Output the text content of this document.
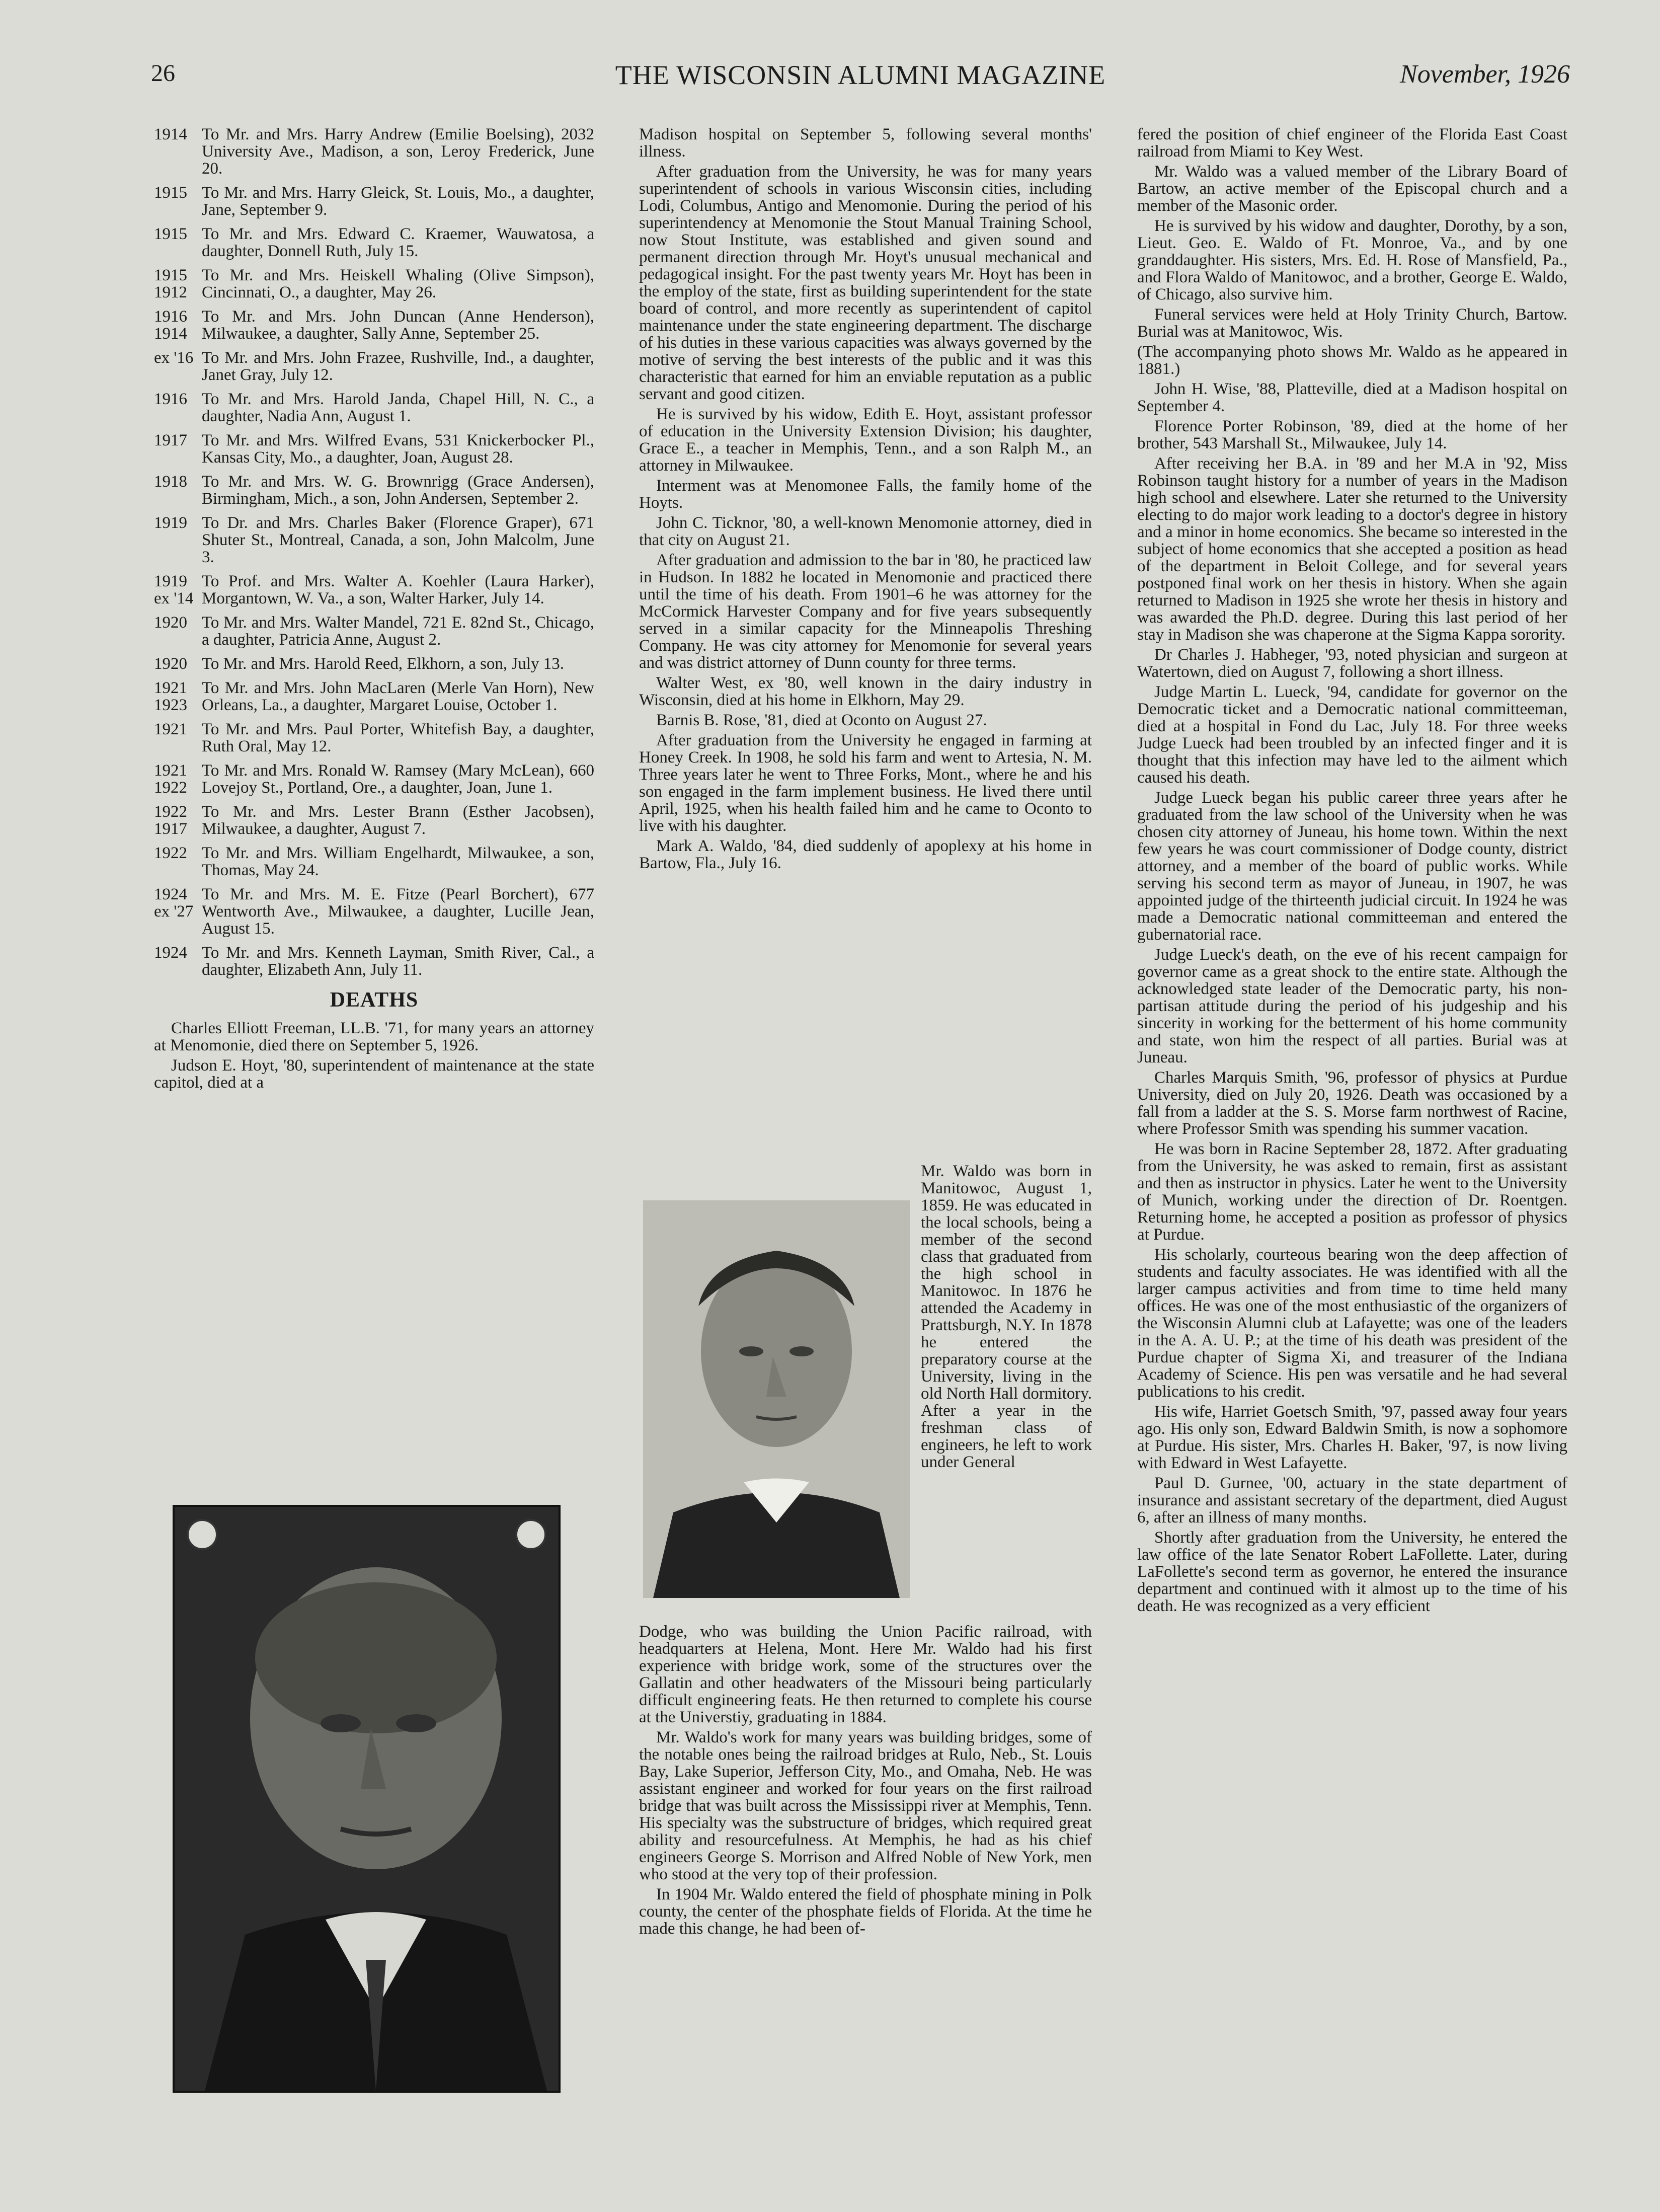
26	THE WISCONSIN ALUMNI MAGAZINE	November, 1926
1914 To Mr. and Mrs. Harry Andrew (Emilie Boelsing), 2032 University Ave., Madison, a son, Leroy Frederick, June 20.
1915 To Mr. and Mrs. Harry Gleick, St. Louis, Mo., a daughter, Jane, September 9.
1915 To Mr. and Mrs. Edward C. Kraemer, Wauwatosa, a daughter, Donnell Ruth, July 15.
1915
1912
To Mr. and Mrs. Heiskell Whaling (Olive Simpson), Cincinnati, O., a daughter, May 26.
1916
1914
To Mr. and Mrs. John Duncan (Anne Henderson), Milwaukee, a daughter, Sally Anne, September 25.
ex '16 To Mr. and Mrs. John Frazee, Rushville, Ind., a daughter, Janet Gray, July 12.
1916 To Mr. and Mrs. Harold Janda, Chapel Hill, N. C., a daughter, Nadia Ann, August 1.
1917 To Mr. and Mrs. Wilfred Evans, 531 Knickerbocker Pl., Kansas City, Mo., a daughter, Joan, August 28.
1918 To Mr. and Mrs. W. G. Brownrigg (Grace Andersen), Birmingham, Mich., a son, John Andersen, September 2.
1919 To Dr. and Mrs. Charles Baker (Florence Graper), 671 Shuter St., Montreal, Canada, a son, John Malcolm, June 3.
1919
ex '14
To Prof. and Mrs. Walter A. Koehler (Laura Harker), Morgantown, W. Va., a son, Walter Harker, July 14.
1920 To Mr. and Mrs. Walter Mandel, 721 E. 82nd St., Chicago, a daughter, Patricia Anne, August 2.
1920 To Mr. and Mrs. Harold Reed, Elkhorn, a son, July 13.
1921
1923
To Mr. and Mrs. John MacLaren (Merle Van Horn), New Orleans, La., a daughter, Margaret Louise, October 1.
1921 To Mr. and Mrs. Paul Porter, Whitefish Bay, a daughter, Ruth Oral, May 12.
1921
1922
To Mr. and Mrs. Ronald W. Ramsey (Mary McLean), 660 Lovejoy St., Portland, Ore., a daughter, Joan, June 1.
1922
1917
To Mr. and Mrs. Lester Brann (Esther Jacobsen), Milwaukee, a daughter, August 7.
1922 To Mr. and Mrs. William Engelhardt, Milwaukee, a son, Thomas, May 24.
1924
ex '27
To Mr. and Mrs. M. E. Fitze (Pearl Borchert), 677 Wentworth Ave., Milwaukee, a daughter, Lucille Jean, August 15.
1924 To Mr. and Mrs. Kenneth Layman, Smith River, Cal., a daughter, Elizabeth Ann, July 11.
DEATHS

Charles Elliott Freeman, LL.B. '71, for many years an attorney at Menomonie, died there on September 5, 1926.

Judson E. Hoyt, '80, superintendent of maintenance at the state capitol, died at a

Madison hospital on September 5, following several months' illness.

After graduation from the University, he was for many years superintendent of schools in various Wisconsin cities, including Lodi, Columbus, Antigo and Menomonie. During the period of his superintendency at Menomonie the Stout Manual Training School, now Stout Institute, was established and given sound and permanent direction through Mr. Hoyt's unusual mechanical and pedagogical insight. For the past twenty years Mr. Hoyt has been in the employ of the state, first as building superintendent for the state board of control, and more recently as superintendent of capitol maintenance under the state engineering department. The discharge of his duties in these various capacities was always governed by the motive of serving the best interests of the public and it was this characteristic that earned for him an enviable reputation as a public servant and good citizen.

He is survived by his widow, Edith E. Hoyt, assistant professor of education in the University Extension Division; his daughter, Grace E., a teacher in Memphis, Tenn., and a son Ralph M., an attorney in Milwaukee.

Interment was at Menomonee Falls, the family home of the Hoyts.

John C. Ticknor, '80, a well-known Menomonie attorney, died in that city on August 21.

After graduation and admission to the bar in '80, he practiced law in Hudson. In 1882 he located in Menomonie and practiced there until the time of his death. From 1901–6 he was attorney for the McCormick Harvester Company and for five years subsequently served in a similar capacity for the Minneapolis Threshing Company. He was city attorney for Menomonie for several years and was district attorney of Dunn county for three terms.

Walter West, ex '80, well known in the dairy industry in Wisconsin, died at his home in Elkhorn, May 29.

Barnis B. Rose, '81, died at Oconto on August 27.

After graduation from the University he engaged in farming at Honey Creek. In 1908, he sold his farm and went to Artesia, N. M. Three years later he went to Three Forks, Mont., where he and his son engaged in the farm implement business. He lived there until April, 1925, when his health failed him and he came to Oconto to live with his daughter.

Mark A. Waldo, '84, died suddenly of apoplexy at his home in Bartow, Fla., July 16.

Mr. Waldo was born in Manitowoc, August 1, 1859. He was educated in the local schools, being a member of the second class that graduated from the high school in Manitowoc. In 1876 he attended the Academy in Prattsburgh, N.Y. In 1878 he entered the preparatory course at the University, living in the old North Hall dormitory. After a year in the freshman class of engineers, he left to work under General

Dodge, who was building the Union Pacific railroad, with headquarters at Helena, Mont. Here Mr. Waldo had his first experience with bridge work, some of the structures over the Gallatin and other headwaters of the Missouri being particularly difficult engineering feats. He then returned to complete his course at the Universtiy, graduating in 1884.

Mr. Waldo's work for many years was building bridges, some of the notable ones being the railroad bridges at Rulo, Neb., St. Louis Bay, Lake Superior, Jefferson City, Mo., and Omaha, Neb. He was assistant engineer and worked for four years on the first railroad bridge that was built across the Mississippi river at Memphis, Tenn. His specialty was the substructure of bridges, which required great ability and resourcefulness. At Memphis, he had as his chief engineers George S. Morrison and Alfred Noble of New York, men who stood at the very top of their profession.

In 1904 Mr. Waldo entered the field of phosphate mining in Polk county, the center of the phosphate fields of Florida. At the time he made this change, he had been of-

fered the position of chief engineer of the Florida East Coast railroad from Miami to Key West.

Mr. Waldo was a valued member of the Library Board of Bartow, an active member of the Episcopal church and a member of the Masonic order.

He is survived by his widow and daughter, Dorothy, by a son, Lieut. Geo. E. Waldo of Ft. Monroe, Va., and by one granddaughter. His sisters, Mrs. Ed. H. Rose of Mansfield, Pa., and Flora Waldo of Manitowoc, and a brother, George E. Waldo, of Chicago, also survive him.

Funeral services were held at Holy Trinity Church, Bartow. Burial was at Manitowoc, Wis.

(The accompanying photo shows Mr. Waldo as he appeared in 1881.)

John H. Wise, '88, Platteville, died at a Madison hospital on September 4.

Florence Porter Robinson, '89, died at the home of her brother, 543 Marshall St., Milwaukee, July 14.

After receiving her B.A. in '89 and her M.A in '92, Miss Robinson taught history for a number of years in the Madison high school and elsewhere. Later she returned to the University electing to do major work leading to a doctor's degree in history and a minor in home economics. She became so interested in the subject of home economics that she accepted a position as head of the department in Beloit College, and for several years postponed final work on her thesis in history. When she again returned to Madison in 1925 she wrote her thesis in history and was awarded the Ph.D. degree. During this last period of her stay in Madison she was chaperone at the Sigma Kappa sorority.

Dr Charles J. Habheger, '93, noted physician and surgeon at Watertown, died on August 7, following a short illness.

Judge Martin L. Lueck, '94, candidate for governor on the Democratic ticket and a Democratic national committeeman, died at a hospital in Fond du Lac, July 18. For three weeks Judge Lueck had been troubled by an infected finger and it is thought that this infection may have led to the ailment which caused his death.

Judge Lueck began his public career three years after he graduated from the law school of the University when he was chosen city attorney of Juneau, his home town. Within the next few years he was court commissioner of Dodge county, district attorney, and a member of the board of public works. While serving his second term as mayor of Juneau, in 1907, he was appointed judge of the thirteenth judicial circuit. In 1924 he was made a Democratic national committeeman and entered the gubernatorial race.

Judge Lueck's death, on the eve of his recent campaign for governor came as a great shock to the entire state. Although the acknowledged state leader of the Democratic party, his non-partisan attitude during the period of his judgeship and his sincerity in working for the betterment of his home community and state, won him the respect of all parties. Burial was at Juneau.

Charles Marquis Smith, '96, professor of physics at Purdue University, died on July 20, 1926. Death was occasioned by a fall from a ladder at the S. S. Morse farm northwest of Racine, where Professor Smith was spending his summer vacation.

He was born in Racine September 28, 1872. After graduating from the University, he was asked to remain, first as assistant and then as instructor in physics. Later he went to the University of Munich, working under the direction of Dr. Roentgen. Returning home, he accepted a position as professor of physics at Purdue.

His scholarly, courteous bearing won the deep affection of students and faculty associates. He was identified with all the larger campus activities and from time to time held many offices. He was one of the most enthusiastic of the organizers of the Wisconsin Alumni club at Lafayette; was one of the leaders in the A. A. U. P.; at the time of his death was president of the Purdue chapter of Sigma Xi, and treasurer of the Indiana Academy of Science. His pen was versatile and he had several publications to his credit.

His wife, Harriet Goetsch Smith, '97, passed away four years ago. His only son, Edward Baldwin Smith, is now a sophomore at Purdue. His sister, Mrs. Charles H. Baker, '97, is now living with Edward in West Lafayette.

Paul D. Gurnee, '00, actuary in the state department of insurance and assistant secretary of the department, died August 6, after an illness of many months.

Shortly after graduation from the University, he entered the law office of the late Senator Robert LaFollette. Later, during LaFollette's second term as governor, he entered the insurance department and continued with it almost up to the time of his death. He was recognized as a very efficient
